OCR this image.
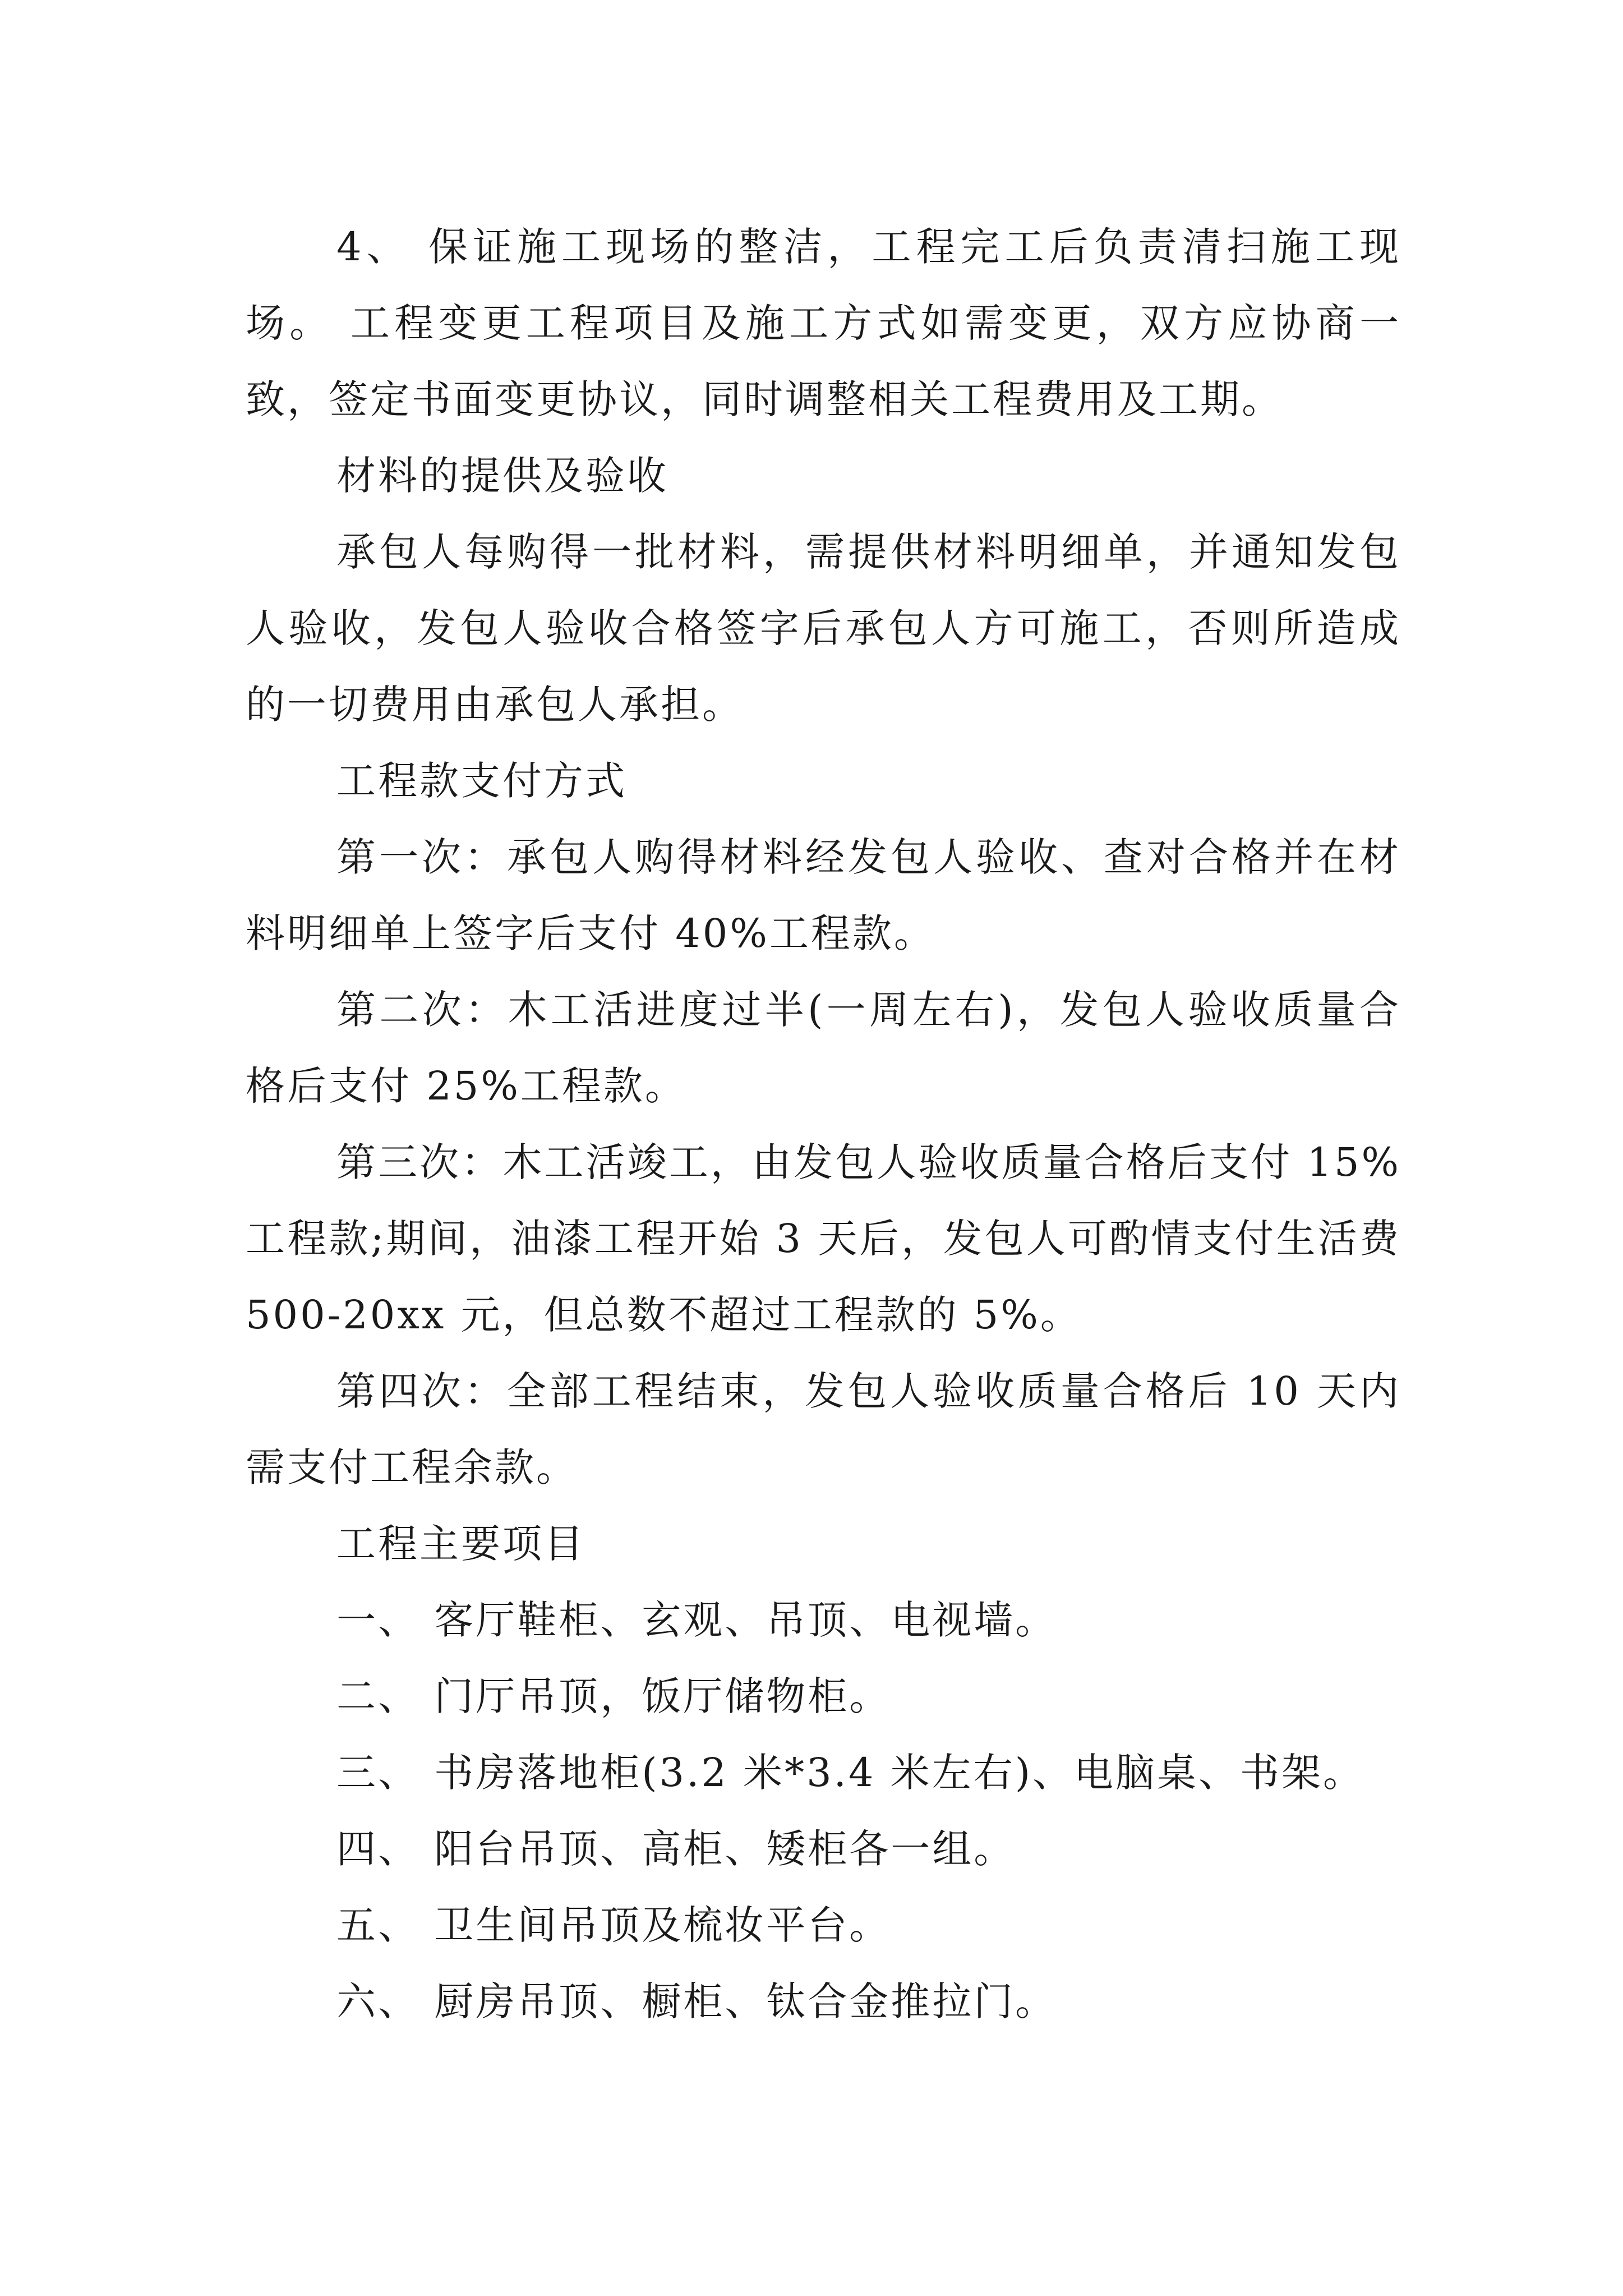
4、 保证施工现场的整洁，工程完工后负责清扫施工现场。 工程变更工程项目及施工方式如需变更，双方应协商一致，签定书面变更协议，同时调整相关工程费用及工期。

材料的提供及验收

承包人每购得一批材料，需提供材料明细单，并通知发包人验收，发包人验收合格签字后承包人方可施工，否则所造成的一切费用由承包人承担。

工程款支付方式

第一次：承包人购得材料经发包人验收、查对合格并在材料明细单上签字后支付 40%工程款。

第二次：木工活进度过半(一周左右)，发包人验收质量合格后支付 25%工程款。

第三次：木工活竣工，由发包人验收质量合格后支付 15%工程款;期间，油漆工程开始 3 天后，发包人可酌情支付生活费 500-20xx 元，但总数不超过工程款的 5%。

第四次：全部工程结束，发包人验收质量合格后 10 天内需支付工程余款。

工程主要项目

一、 客厅鞋柜、玄观、吊顶、电视墙。

二、 门厅吊顶，饭厅储物柜。

三、 书房落地柜(3.2 米*3.4 米左右)、电脑桌、书架。

四、 阳台吊顶、高柜、矮柜各一组。

五、 卫生间吊顶及梳妆平台。

六、 厨房吊顶、橱柜、钛合金推拉门。
